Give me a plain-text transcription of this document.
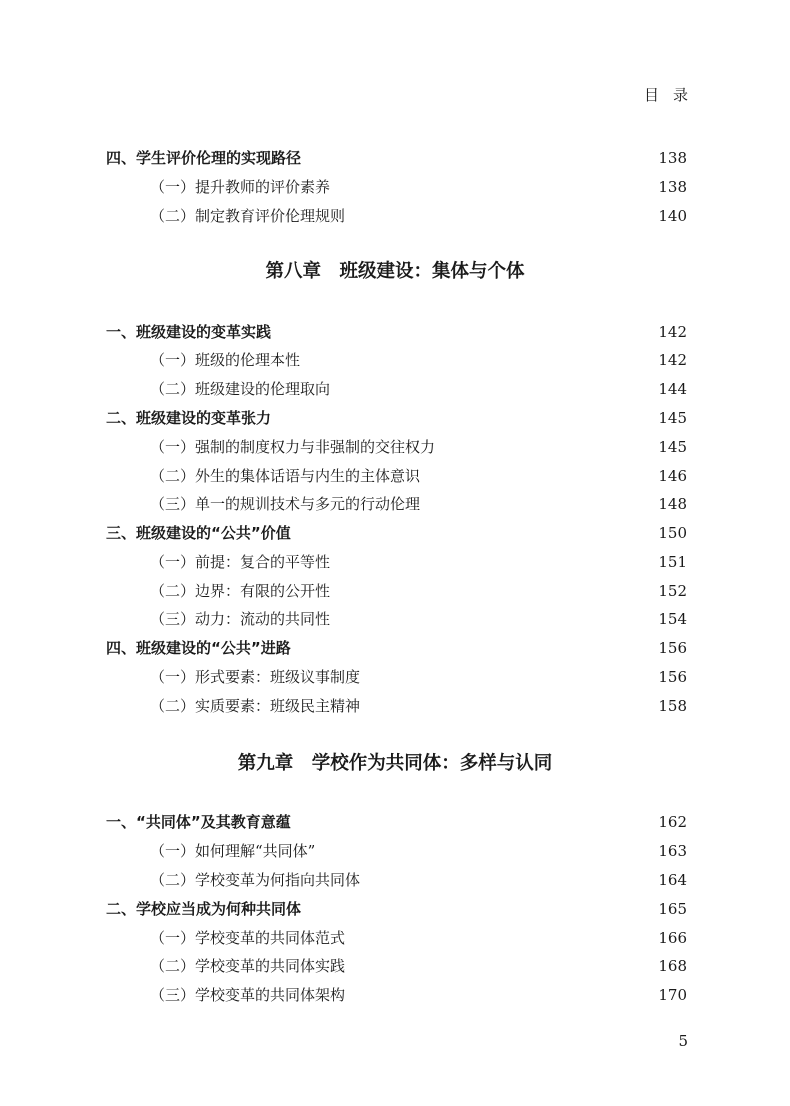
目 录
四、学生评价伦理的实现路径	138
（一）提升教师的评价素养	138
（二）制定教育评价伦理规则	140
第八章　班级建设：集体与个体
一、班级建设的变革实践	142
（一）班级的伦理本性	142
（二）班级建设的伦理取向	144
二、班级建设的变革张力	145
（一）强制的制度权力与非强制的交往权力	145
（二）外生的集体话语与内生的主体意识	146
（三）单一的规训技术与多元的行动伦理	148
三、班级建设的“公共”价值	150
（一）前提：复合的平等性	151
（二）边界：有限的公开性	152
（三）动力：流动的共同性	154
四、班级建设的“公共”进路	156
（一）形式要素：班级议事制度	156
（二）实质要素：班级民主精神	158
第九章　学校作为共同体：多样与认同
一、“共同体”及其教育意蕴	162
（一）如何理解“共同体”	163
（二）学校变革为何指向共同体	164
二、学校应当成为何种共同体	165
（一）学校变革的共同体范式	166
（二）学校变革的共同体实践	168
（三）学校变革的共同体架构	170
5
